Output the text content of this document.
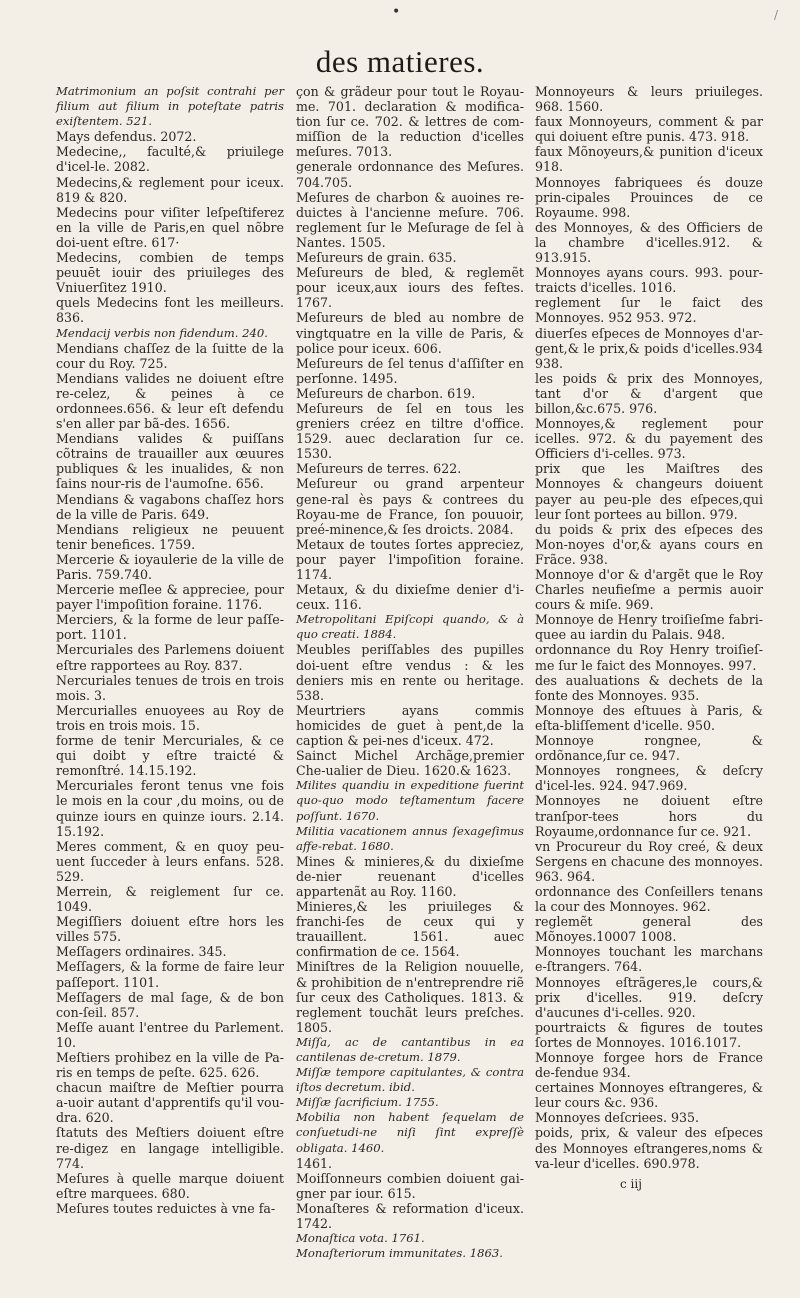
•	/
des matieres.

Matrimonium an poſsit contrahi per filium aut filium in poteſtate patris exiſtentem. 521.

Mays defendus. 2072.

Medecine,, faculté,& priuilege d'icel-le. 2082.

Medecins,& reglement pour iceux. 819 & 820.

Medecins pour viſiter leſpeſtiferez en la ville de Paris,en quel nõbre doi-uent eſtre. 617·

Medecins, combien de temps peuuēt iouir des priuileges des Vniuerſitez 1910.

quels Medecins font les meilleurs. 836.

Mendacij verbis non fidendum. 240.

Mendians chaſſez de la ſuitte de la cour du Roy. 725.

Mendians valides ne doiuent eſtre re-celez, & peines à ce ordonnees.656. & leur eſt defendu s'en aller par bã-des. 1656.

Mendians valides & puiſſans cõtrains de trauailler aux œuures publiques & les inualides, & non ſains nour-ris de l'aumoſne. 656.

Mendians & vagabons chaſſez hors de la ville de Paris. 649.

Mendians religieux ne peuuent tenir benefices. 1759.

Mercerie & ioyaulerie de la ville de Paris. 759.740.

Mercerie meſlee & appreciee, pour payer l'impoſition foraine. 1176.

Merciers, & la forme de leur paſſe-port. 1101.

Mercuriales des Parlemens doiuent eſtre rapportees au Roy. 837.

Nercuriales tenues de trois en trois mois. 3.

Mercurialles enuoyees au Roy de trois en trois mois. 15.

forme de tenir Mercuriales, & ce qui doibt y eſtre traicté & remonſtré. 14.15.192.

Mercuriales feront tenus vne fois le mois en la cour ,du moins, ou de quinze iours en quinze iours. 2.14. 15.192.

Meres comment, & en quoy peu-uent ſucceder à leurs enfans. 528. 529.

Merrein, & reiglement ſur ce. 1049.

Megiſſiers doiuent eſtre hors les villes 575.

Meſſagers ordinaires. 345.

Meſſagers, & la forme de faire leur paſſeport. 1101.

Meſſagers de mal ſage, & de bon con-ſeil. 857.

Meſſe auant l'entree du Parlement. 10.

Meſtiers prohibez en la ville de Pa-ris en temps de peſte. 625. 626.

chacun maiſtre de Meſtier pourra a-uoir autant d'apprentifs qu'il vou-dra. 620.

ſtatuts des Meſtiers doiuent eſtre re-digez en langage intelligible. 774.

Meſures à quelle marque doiuent eſtre marquees. 680.

Meſures toutes reduictes à vne fa-

çon & grãdeur pour tout le Royau-me. 701. declaration & modifica-tion ſur ce. 702. & lettres de com-miſſion de la reduction d'icelles meſures. 7013.

generale ordonnance des Meſures. 704.705.

Meſures de charbon & auoines re-duictes à l'ancienne meſure. 706. reglement ſur le Meſurage de ſel à Nantes. 1505.

Meſureurs de grain. 635.

Meſureurs de bled, & reglemẽt pour iceux,aux iours des feſtes. 1767.

Meſureurs de bled au nombre de vingtquatre en la ville de Paris, & police pour iceux. 606.

Meſureurs de ſel tenus d'aſſiſter en perſonne. 1495.

Meſureurs de charbon. 619.

Meſureurs de ſel en tous les greniers créez en tiltre d'office. 1529. auec declaration ſur ce. 1530.

Meſureurs de terres. 622.

Meſureur ou grand arpenteur gene-ral ès pays & contrees du Royau-me de France, ſon pouuoir, preé-minence,& ſes droicts. 2084.

Metaux de toutes ſortes appreciez, pour payer l'impoſition foraine. 1174.

Metaux, & du dixieſme denier d'i-ceux. 116.

Metropolitani Epiſcopi quando, & à quo creati. 1884.

Meubles periſſables des pupilles doi-uent eſtre vendus : & les deniers mis en rente ou heritage. 538.

Meurtriers ayans commis homicides de guet à pent,de la caption & pei-nes d'iceux. 472.

Sainct Michel Archãge,premier Che-ualier de Dieu. 1620.& 1623.

Milites quandiu in expeditione fuerint quo-quo modo teſtamentum facere poſſunt. 1670.

Militia vacationem annus ſexageſimus affe-rebat. 1680.

Mines & minieres,& du dixieſme de-nier reuenant d'icelles appartenãt au Roy. 1160.

Minieres,& les priuileges & franchi-ſes de ceux qui y trauaillent. 1561. auec confirmation de ce. 1564.

Miniſtres de la Religion nouuelle, & prohibition de n'entreprendre riẽ ſur ceux des Catholiques. 1813. & reglement touchãt leurs preſches. 1805.

Miſſa, ac de cantantibus in ea cantilenas de-cretum. 1879.

Miſſæ tempore capitulantes, & contra iſtos decretum. ibid.

Miſſæ ſacrificium. 1755.

Mobilia non habent ſequelam de conſuetudi-ne niſi ſint expreſſè obligata. 1460.

1461.

Moiſſonneurs combien doiuent gai-gner par iour. 615.

Monaſteres & reformation d'iceux. 1742.

Monaſtica vota. 1761.

Monaſteriorum immunitates. 1863.

Monnoyeurs & leurs priuileges. 968. 1560.

faux Monnoyeurs, comment & par qui doiuent eſtre punis. 473. 918.

faux Mõnoyeurs,& punition d'iceux 918.

Monnoyes fabriquees és douze prin-cipales Prouinces de ce Royaume. 998.

des Monnoyes, & des Officiers de la chambre d'icelles.912. & 913.915.

Monnoyes ayans cours. 993. pour-traicts d'icelles. 1016.

reglement ſur le faict des Monnoyes. 952 953. 972.

diuerſes eſpeces de Monnoyes d'ar-gent,& le prix,& poids d'icelles.934 938.

les poids & prix des Monnoyes, tant d'or & d'argent que billon,&c.675. 976.

Monnoyes,& reglement pour icelles. 972. & du payement des Officiers d'i-celles. 973.

prix que les Maiſtres des Monnoyes & changeurs doiuent payer au peu-ple des eſpeces,qui leur ſont portees au billon. 979.

du poids & prix des eſpeces des Mon-noyes d'or,& ayans cours en Frãce. 938.

Monnoye d'or & d'argẽt que le Roy Charles neufieſme a permis auoir cours & miſe. 969.

Monnoye de Henry troiſieſme fabri-quee au iardin du Palais. 948.

ordonnance du Roy Henry troiſieſ-me ſur le faict des Monnoyes. 997.

des aualuations & dechets de la fonte des Monnoyes. 935.

Monnoye des eſtuues à Paris, & eſta-bliſſement d'icelle. 950.

Monnoye rongnee, & ordõnance,ſur ce. 947.

Monnoyes rongnees, & deſcry d'icel-les. 924. 947.969.

Monnoyes ne doiuent eſtre tranſpor-tees hors du Royaume,ordonnance ſur ce. 921.

vn Procureur du Roy creé, & deux Sergens en chacune des monnoyes. 963. 964.

ordonnance des Conſeillers tenans la cour des Monnoyes. 962.

reglemẽt general des Mõnoyes.10007 1008.

Monnoyes touchant les marchans e-ſtrangers. 764.

Monnoyes eſtrãgeres,le cours,& prix d'icelles. 919. deſcry d'aucunes d'i-celles. 920.

pourtraicts & figures de toutes ſortes de Monnoyes. 1016.1017.

Monnoye forgee hors de France de-fendue 934.

certaines Monnoyes eſtrangeres, & leur cours &c. 936.

Monnoyes deſcriees. 935.

poids, prix, & valeur des eſpeces des Monnoyes eſtrangeres,noms & va-leur d'icelles. 690.978.

c iij
